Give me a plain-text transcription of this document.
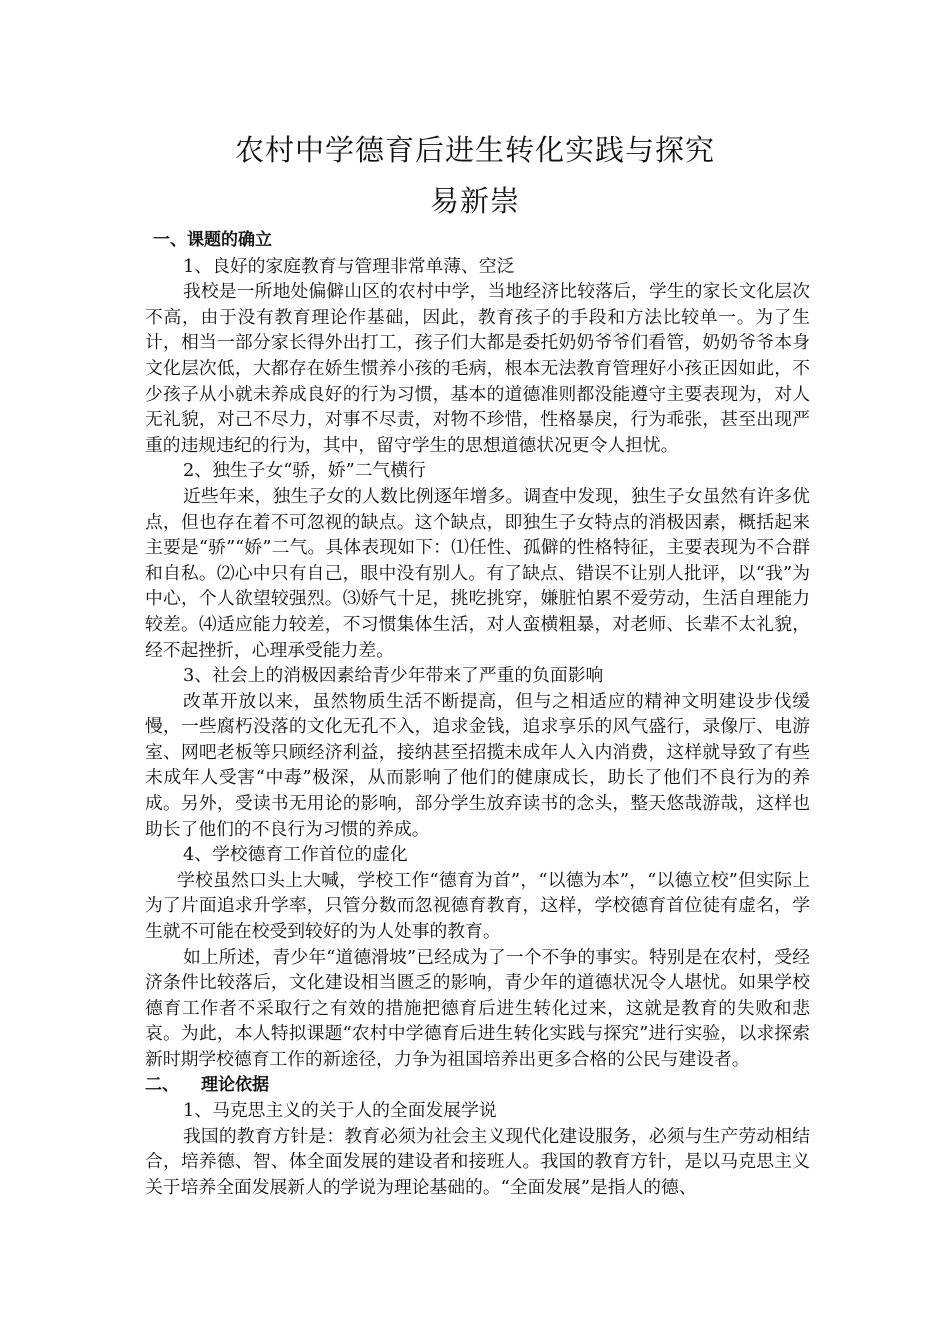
农村中学德育后进生转化实践与探究
易新崇

一、课题的确立

1、良好的家庭教育与管理非常单薄、空泛

我校是一所地处偏僻山区的农村中学，当地经济比较落后，学生的家长文化层次不高，由于没有教育理论作基础，因此，教育孩子的手段和方法比较单一。为了生计，相当一部分家长得外出打工，孩子们大都是委托奶奶爷爷们看管，奶奶爷爷本身文化层次低，大都存在娇生惯养小孩的毛病，根本无法教育管理好小孩正因如此，不少孩子从小就未养成良好的行为习惯，基本的道德准则都没能遵守主要表现为，对人无礼貌，对己不尽力，对事不尽责，对物不珍惜，性格暴戾，行为乖张，甚至出现严重的违规违纪的行为，其中，留守学生的思想道德状况更令人担忧。

2、独生子女“骄，娇”二气横行

近些年来，独生子女的人数比例逐年增多。调查中发现，独生子女虽然有许多优点，但也存在着不可忽视的缺点。这个缺点，即独生子女特点的消极因素，概括起来主要是“骄”“娇”二气。具体表现如下：⑴任性、孤僻的性格特征，主要表现为不合群和自私。⑵心中只有自己，眼中没有别人。有了缺点、错误不让别人批评，以“我”为中心，个人欲望较强烈。⑶娇气十足，挑吃挑穿，嫌脏怕累不爱劳动，生活自理能力较差。⑷适应能力较差，不习惯集体生活，对人蛮横粗暴，对老师、长辈不太礼貌，经不起挫折，心理承受能力差。

3、社会上的消极因素给青少年带来了严重的负面影响

改革开放以来，虽然物质生活不断提高，但与之相适应的精神文明建设步伐缓慢，一些腐朽没落的文化无孔不入，追求金钱，追求享乐的风气盛行，录像厅、电游室、网吧老板等只顾经济利益，接纳甚至招揽未成年人入内消费，这样就导致了有些未成年人受害“中毒”极深，从而影响了他们的健康成长，助长了他们不良行为的养成。另外，受读书无用论的影响，部分学生放弃读书的念头，整天悠哉游哉，这样也助长了他们的不良行为习惯的养成。

4、学校德育工作首位的虚化

学校虽然口头上大喊，学校工作“德育为首”，“以德为本”，“以德立校”但实际上为了片面追求升学率，只管分数而忽视德育教育，这样，学校德育首位徒有虚名，学生就不可能在校受到较好的为人处事的教育。

如上所述，青少年“道德滑坡”已经成为了一个不争的事实。特别是在农村，受经济条件比较落后，文化建设相当匮乏的影响，青少年的道德状况令人堪忧。如果学校德育工作者不采取行之有效的措施把德育后进生转化过来，这就是教育的失败和悲哀。为此，本人特拟课题“农村中学德育后进生转化实践与探究”进行实验，以求探索新时期学校德育工作的新途径，力争为祖国培养出更多合格的公民与建设者。

二、 理论依据

1、马克思主义的关于人的全面发展学说

我国的教育方针是：教育必须为社会主义现代化建设服务，必须与生产劳动相结合，培养德、智、体全面发展的建设者和接班人。我国的教育方针，是以马克思主义关于培养全面发展新人的学说为理论基础的。“全面发展”是指人的德、
